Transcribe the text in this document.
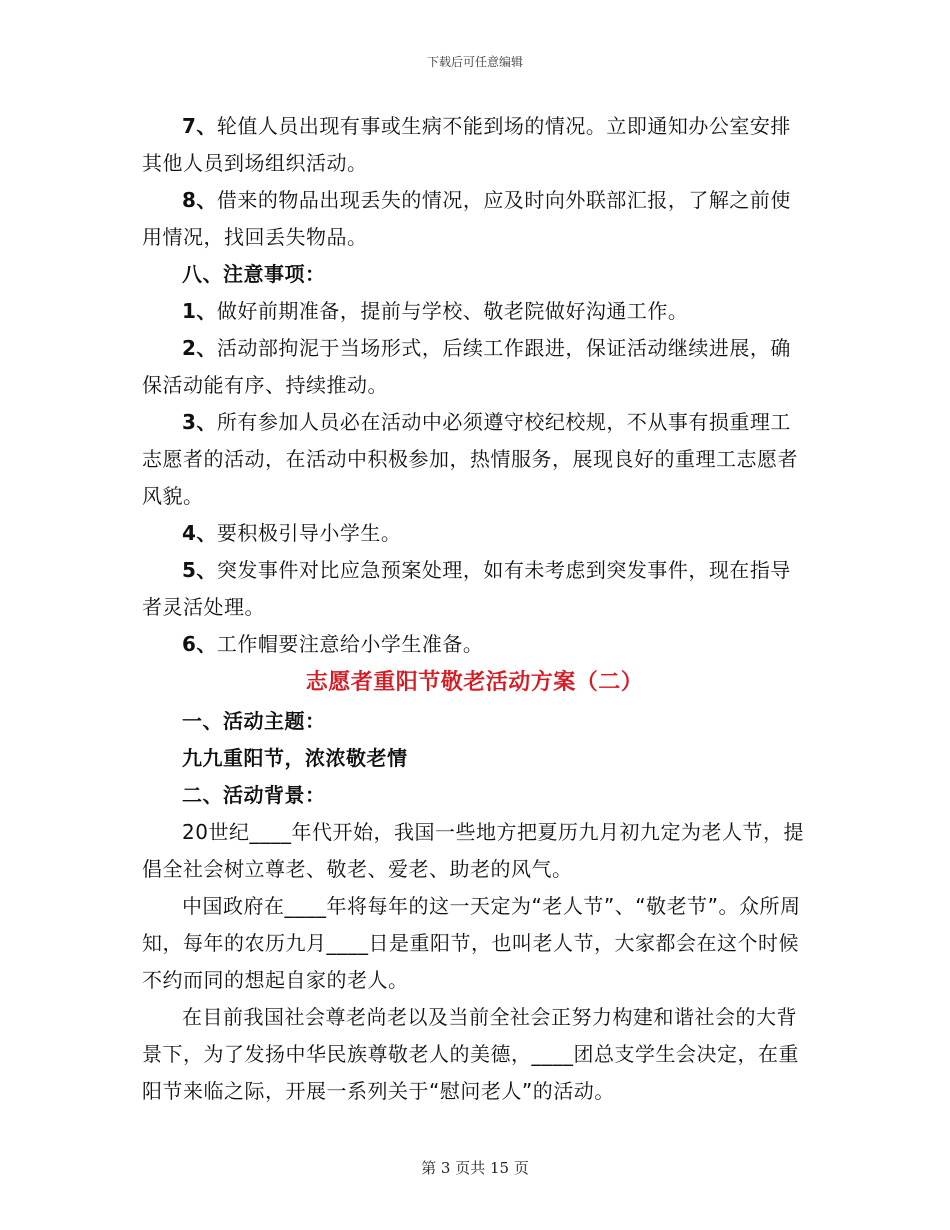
下载后可任意编辑

7、轮值人员出现有事或生病不能到场的情况。立即通知办公室安排其他人员到场组织活动。

8、借来的物品出现丢失的情况，应及时向外联部汇报，了解之前使用情况，找回丢失物品。

八、注意事项：

1、做好前期准备，提前与学校、敬老院做好沟通工作。

2、活动部拘泥于当场形式，后续工作跟进，保证活动继续进展，确保活动能有序、持续推动。

3、所有参加人员必在活动中必须遵守校纪校规，不从事有损重理工志愿者的活动，在活动中积极参加，热情服务，展现良好的重理工志愿者风貌。

4、要积极引导小学生。

5、突发事件对比应急预案处理，如有未考虑到突发事件，现在指导者灵活处理。

6、工作帽要注意给小学生准备。

志愿者重阳节敬老活动方案（二）

一、活动主题：

九九重阳节，浓浓敬老情

二、活动背景：

20世纪____年代开始，我国一些地方把夏历九月初九定为老人节，提倡全社会树立尊老、敬老、爱老、助老的风气。

中国政府在____年将每年的这一天定为“老人节”、“敬老节”。众所周知，每年的农历九月____日是重阳节，也叫老人节，大家都会在这个时候不约而同的想起自家的老人。

在目前我国社会尊老尚老以及当前全社会正努力构建和谐社会的大背景下，为了发扬中华民族尊敬老人的美德，____团总支学生会决定，在重阳节来临之际，开展一系列关于“慰问老人”的活动。

第 3 页共 15 页
